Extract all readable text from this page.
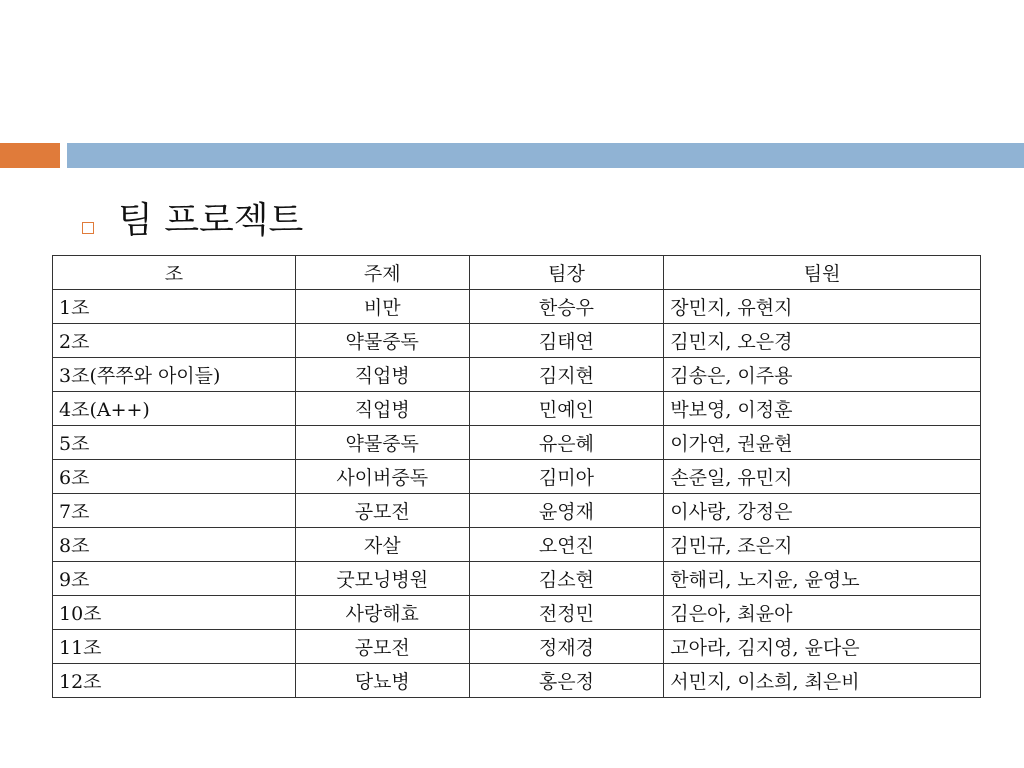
팀 프로젝트
조	주제	팀장	팀원
1조	비만	한승우	장민지, 유현지
2조	약물중독	김태연	김민지, 오은경
3조(쭈쭈와 아이들)	직업병	김지현	김송은, 이주용
4조(A++)	직업병	민예인	박보영, 이정훈
5조	약물중독	유은혜	이가연, 권윤현
6조	사이버중독	김미아	손준일, 유민지
7조	공모전	윤영재	이사랑, 강정은
8조	자살	오연진	김민규, 조은지
9조	굿모닝병원	김소현	한해리, 노지윤, 윤영노
10조	사랑해효	전정민	김은아, 최윤아
11조	공모전	정재경	고아라, 김지영, 윤다은
12조	당뇨병	홍은정	서민지, 이소희, 최은비
